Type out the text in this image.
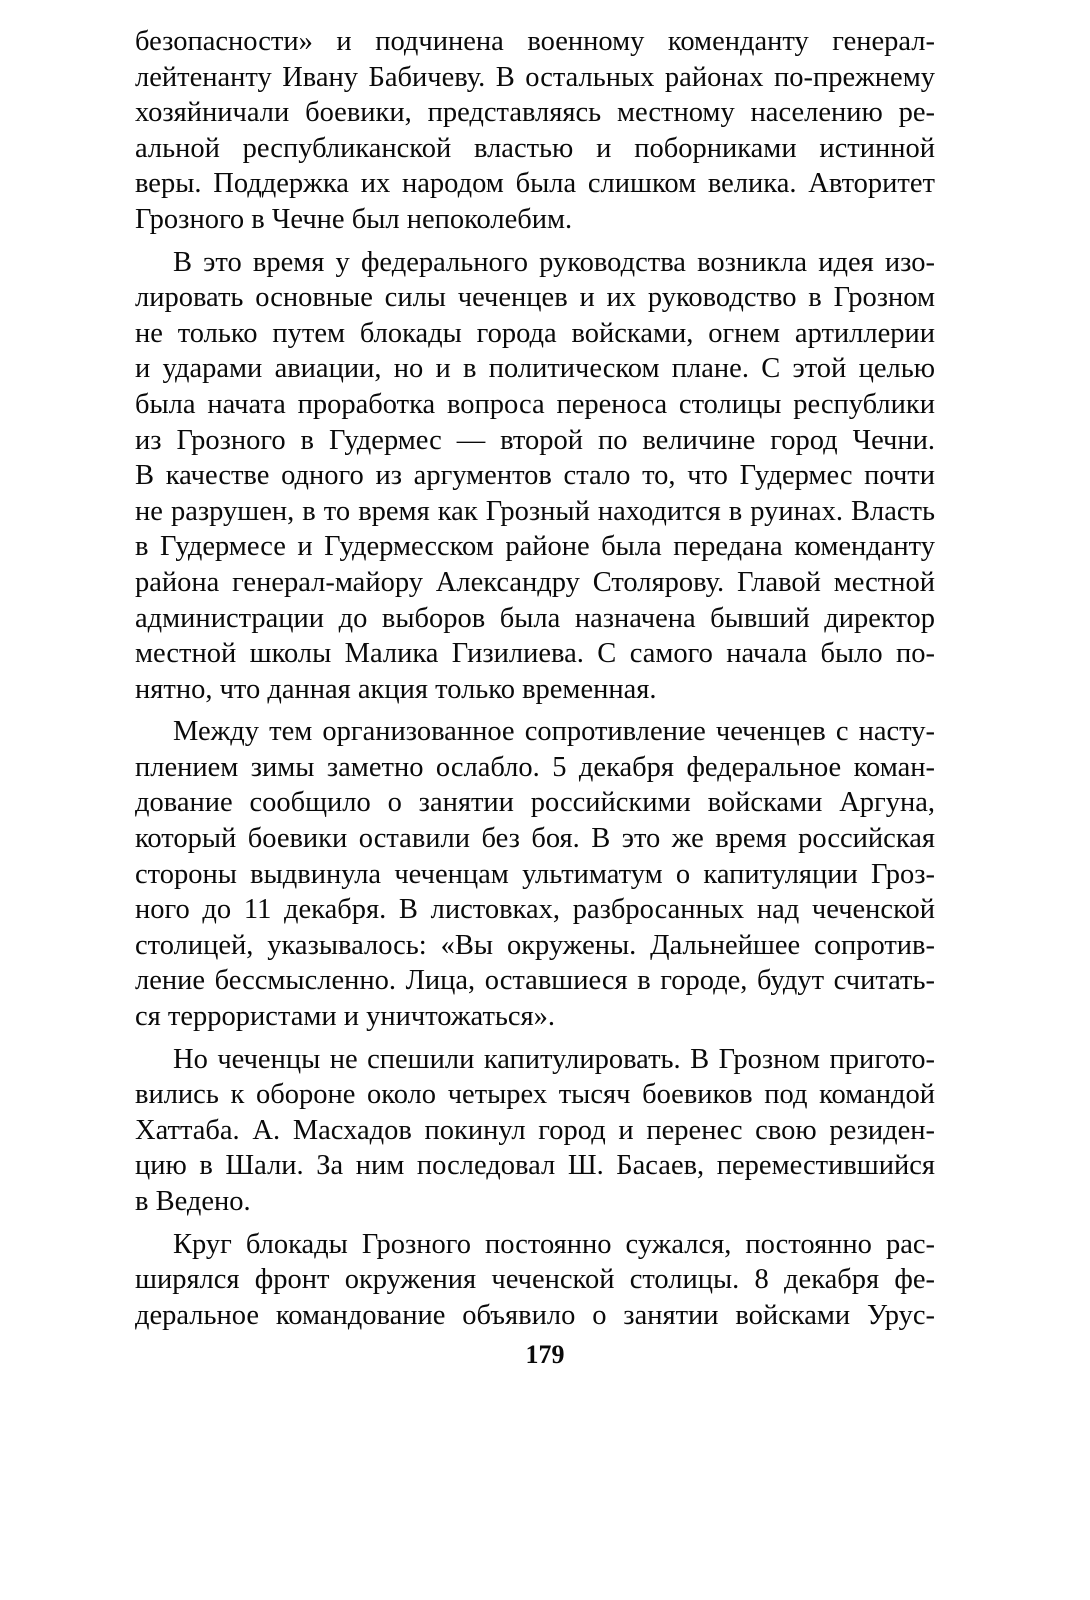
безопасности» и подчинена военному коменданту генерал-
лейтенанту Ивану Бабичеву. В остальных районах по-прежнему
хозяйничали боевики, представляясь местному населению ре-
альной республиканской властью и поборниками истинной
веры. Поддержка их народом была слишком велика. Авторитет
Грозного в Чечне был непоколебим.
В это время у федерального руководства возникла идея изо-
лировать основные силы чеченцев и их руководство в Грозном
не только путем блокады города войсками, огнем артиллерии
и ударами авиации, но и в политическом плане. С этой целью
была начата проработка вопроса переноса столицы республики
из Грозного в Гудермес — второй по величине город Чечни.
В качестве одного из аргументов стало то, что Гудермес почти
не разрушен, в то время как Грозный находится в руинах. Власть
в Гудермесе и Гудермесском районе была передана коменданту
района генерал-майору Александру Столярову. Главой местной
администрации до выборов была назначена бывший директор
местной школы Малика Гизилиева. С самого начала было по-
нятно, что данная акция только временная.
Между тем организованное сопротивление чеченцев с насту-
плением зимы заметно ослабло. 5 декабря федеральное коман-
дование сообщило о занятии российскими войсками Аргуна,
который боевики оставили без боя. В это же время российская
стороны выдвинула чеченцам ультиматум о капитуляции Гроз-
ного до 11 декабря. В листовках, разбросанных над чеченской
столицей, указывалось: «Вы окружены. Дальнейшее сопротив-
ление бессмысленно. Лица, оставшиеся в городе, будут считать-
ся террористами и уничтожаться».
Но чеченцы не спешили капитулировать. В Грозном пригото-
вились к обороне около четырех тысяч боевиков под командой
Хаттаба. А. Масхадов покинул город и перенес свою резиден-
цию в Шали. За ним последовал Ш. Басаев, переместившийся
в Ведено.
Круг блокады Грозного постоянно сужался, постоянно рас-
ширялся фронт окружения чеченской столицы. 8 декабря фе-
деральное командование объявило о занятии войсками Урус-
179
